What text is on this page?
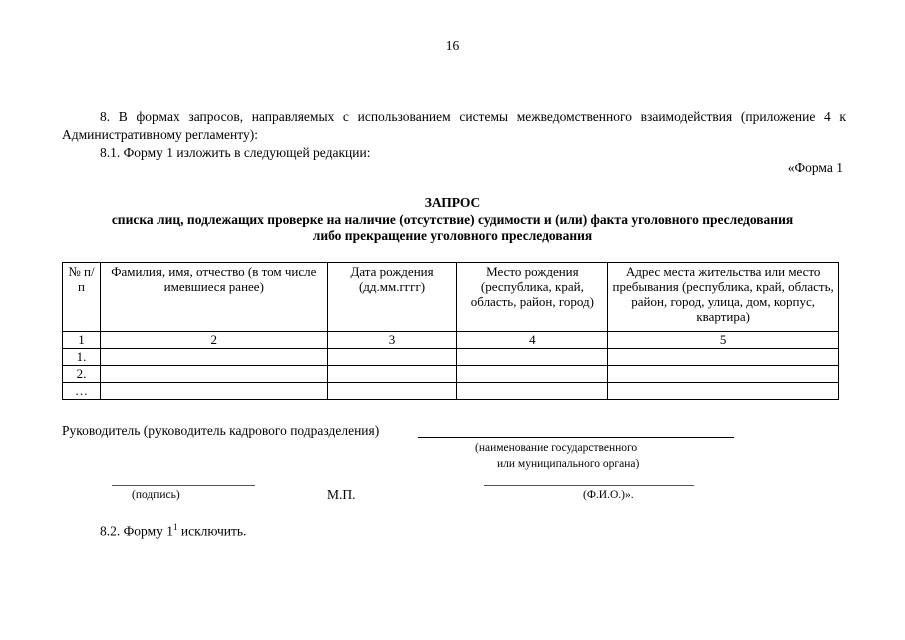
16
8. В формах запросов, направляемых с использованием системы межведомственного взаимодействия (приложение 4 к Административному регламенту):
8.1. Форму 1 изложить в следующей редакции:
«Форма 1
ЗАПРОС
списка лиц, подлежащих проверке на наличие (отсутствие) судимости и (или) факта уголовного преследования
либо прекращение уголовного преследования
№ п/п	Фамилия, имя, отчество (в том числе имевшиеся ранее)	Дата рождения (дд.мм.гггг)	Место рождения (республика, край, область, район, город)	Адрес места жительства или место пребывания (республика, край, область, район, город, улица, дом, корпус, квартира)
1	2	3	4	5
1.				
2.				
…				
Руководитель (руководитель кадрового подразделения)
(наименование государственного
или муниципального органа)
(подпись)	М.П.	(Ф.И.О.)».
8.2. Форму $1^1$ исключить.
